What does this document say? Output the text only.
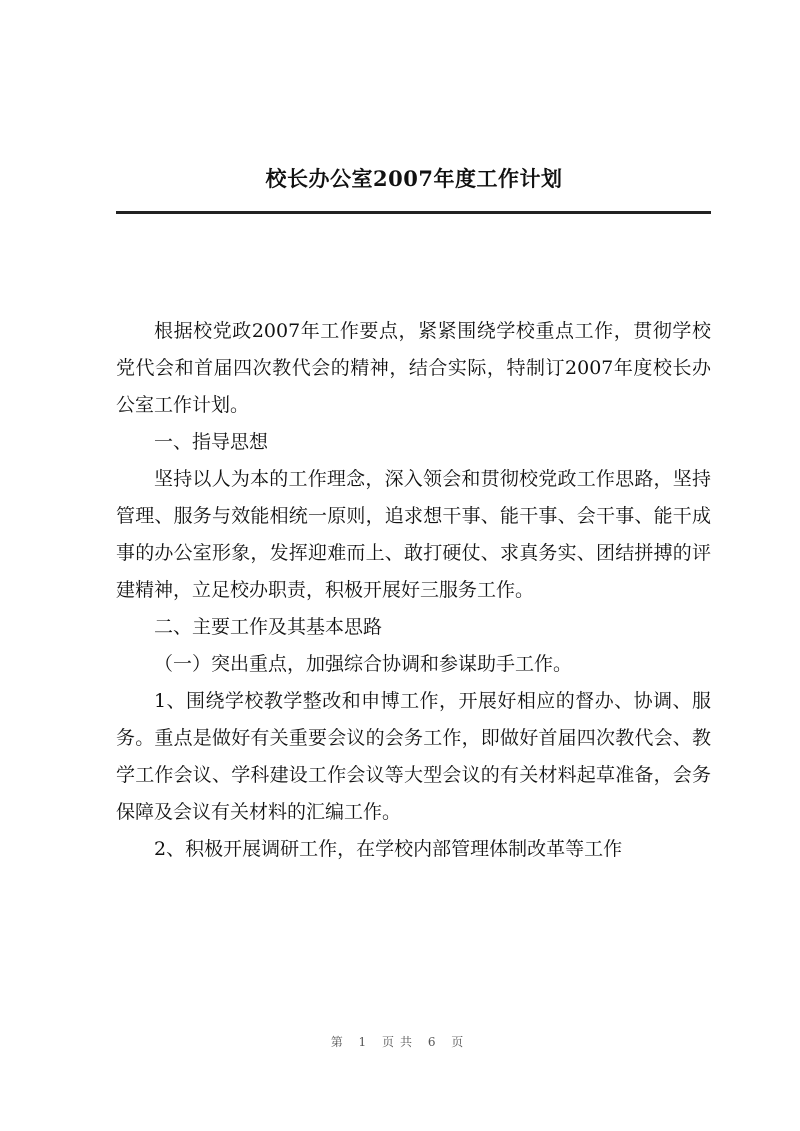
校长办公室2007年度工作计划

根据校党政2007年工作要点，紧紧围绕学校重点工作，贯彻学校党代会和首届四次教代会的精神，结合实际，特制订2007年度校长办公室工作计划。

一、指导思想

坚持以人为本的工作理念，深入领会和贯彻校党政工作思路，坚持管理、服务与效能相统一原则，追求想干事、能干事、会干事、能干成事的办公室形象，发挥迎难而上、敢打硬仗、求真务实、团结拼搏的评建精神，立足校办职责，积极开展好三服务工作。

二、主要工作及其基本思路

（一）突出重点，加强综合协调和参谋助手工作。

1、围绕学校教学整改和申博工作，开展好相应的督办、协调、服务。重点是做好有关重要会议的会务工作，即做好首届四次教代会、教学工作会议、学科建设工作会议等大型会议的有关材料起草准备，会务保障及会议有关材料的汇编工作。

2、积极开展调研工作，在学校内部管理体制改革等工作

第 1 页共 6 页
